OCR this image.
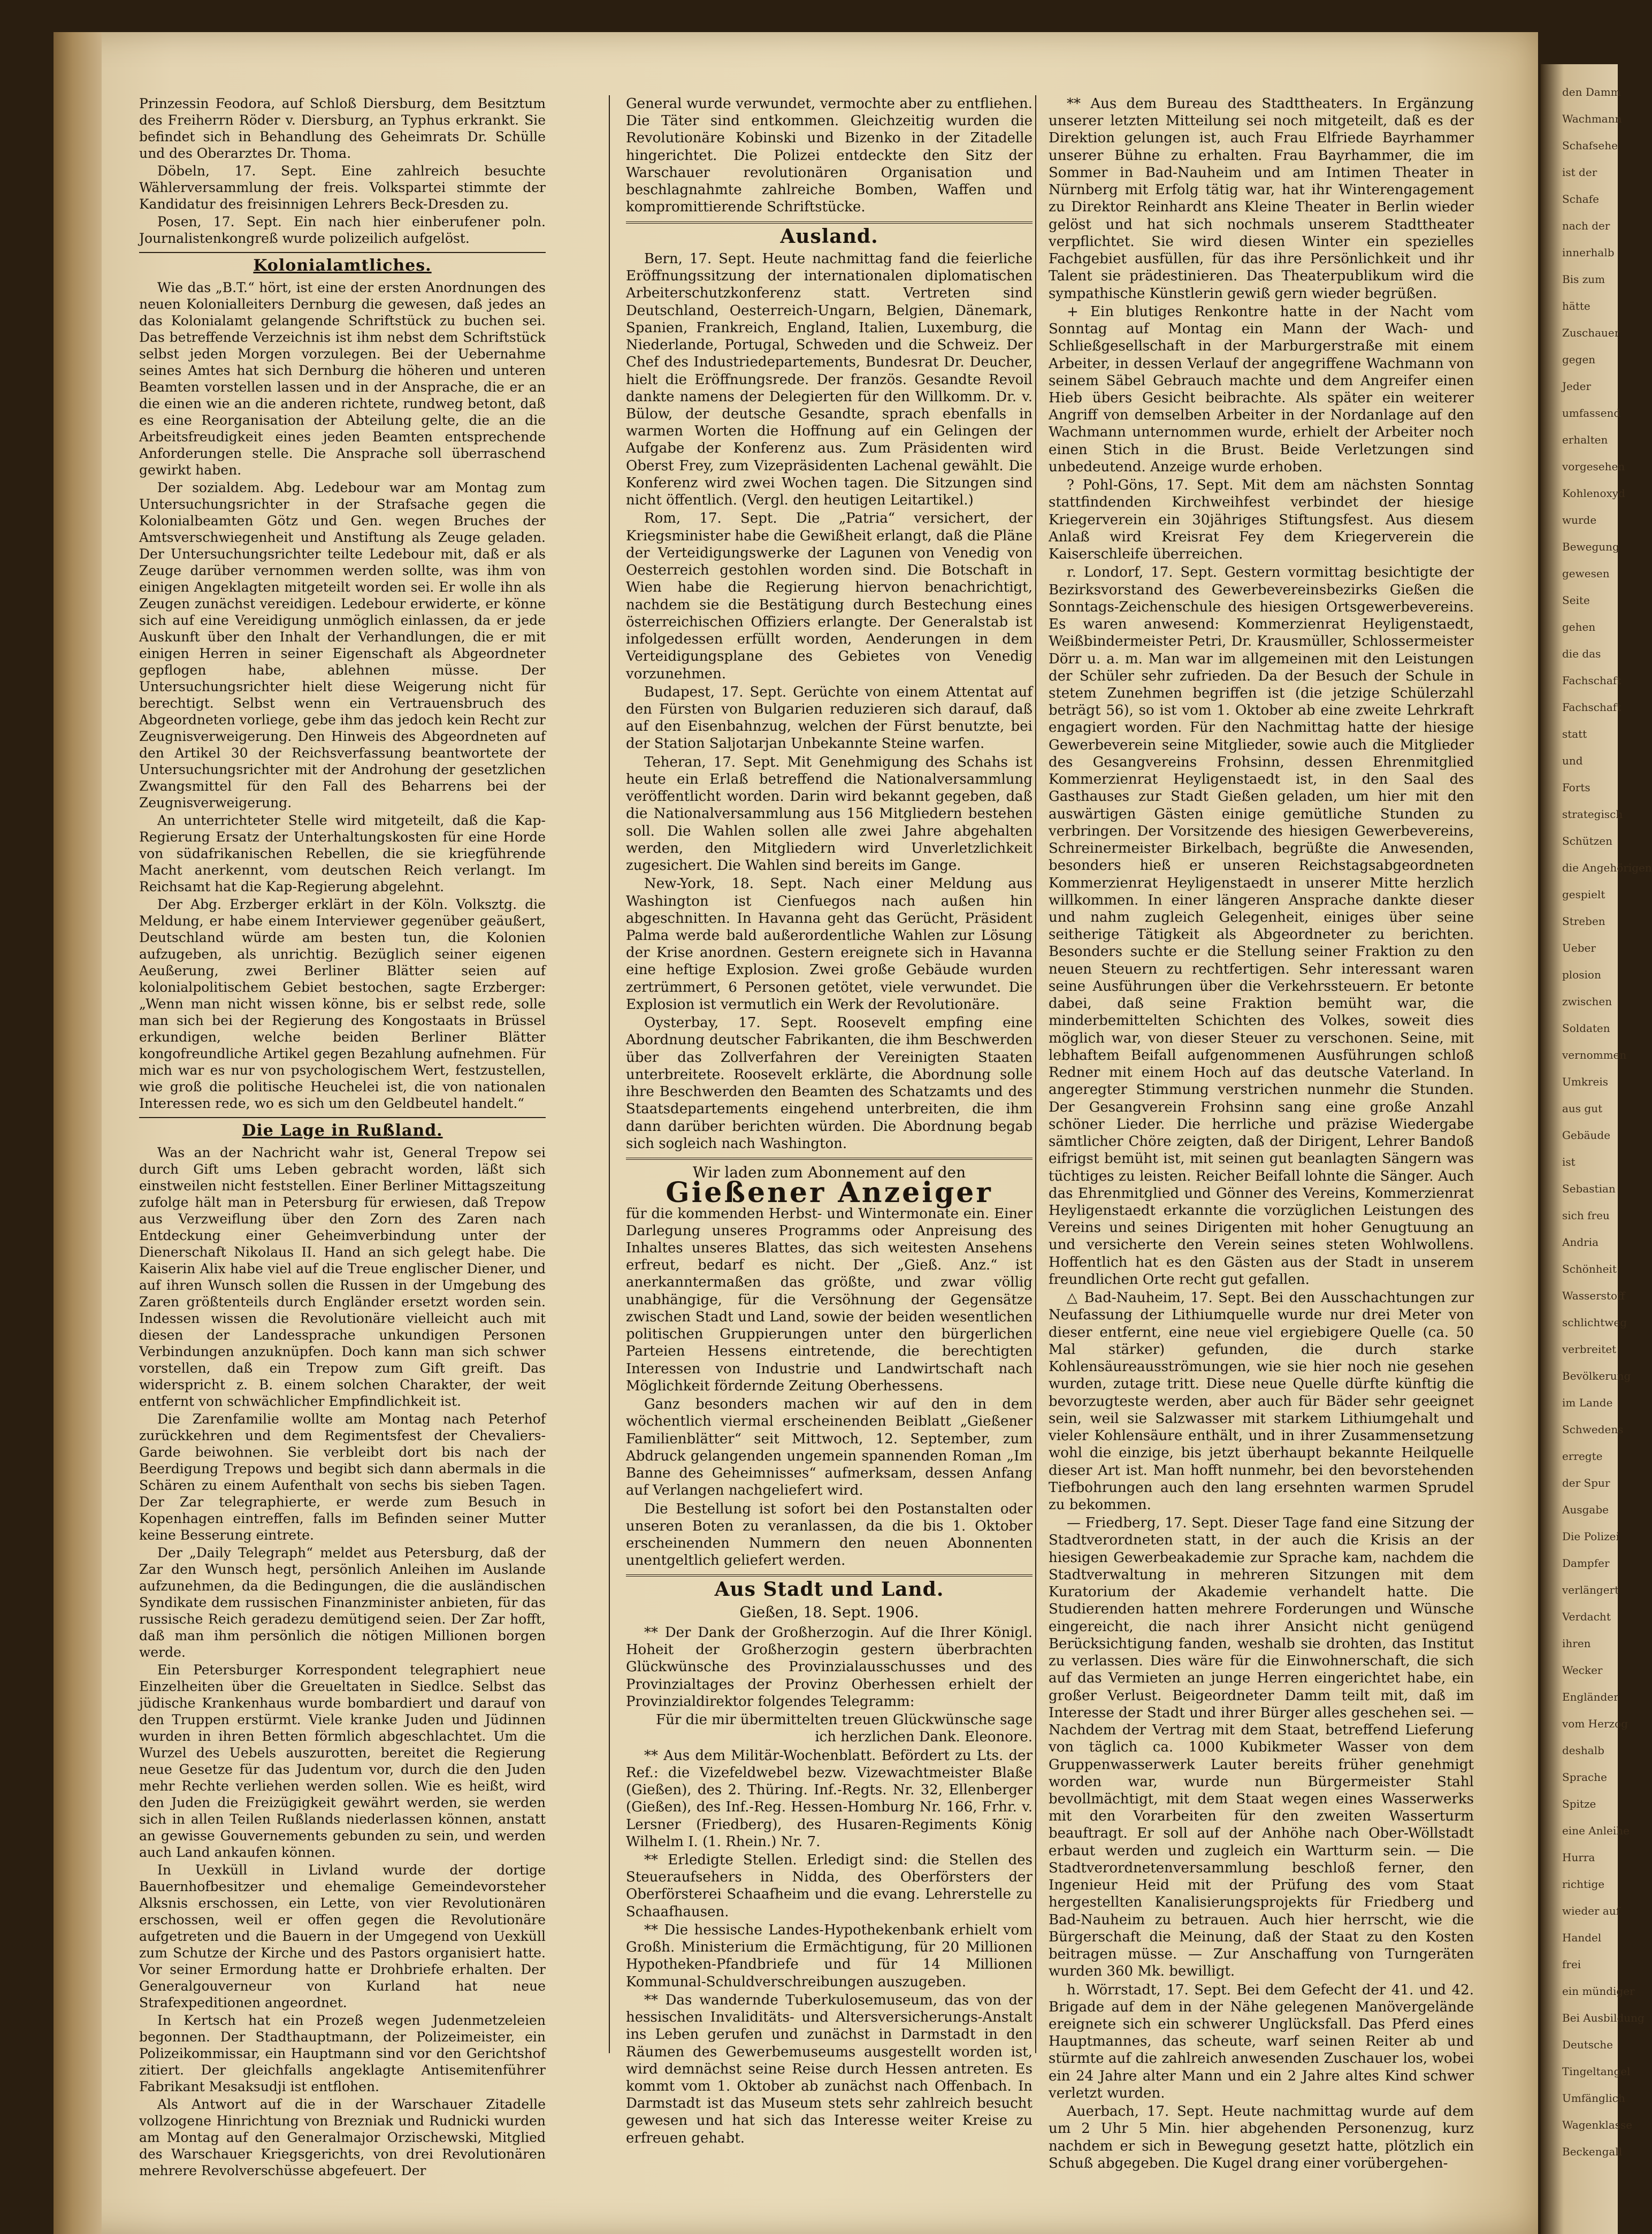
den Damm
Wachmann
Schafsehe
ist der
Schafe
nach der
innerhalb
Bis zum
hätte
Zuschauer
gegen
Jeder
umfassend
erhalten
vorgesehen
Kohlenoxyd
wurde
Bewegung
gewesen
Seite
gehen
die das
Fachschaft
Fachschaft
statt
und
Forts
strategisch
Schützen
die Angehörigen
gespielt
Streben
Ueber
plosion
zwischen
Soldaten
vernommen
Umkreis
aus gut
Gebäude
ist
Sebastian
sich freu
Andria
Schönheit
Wasserstoff
schlichtweg
verbreitet
Bevölkerung
im Lande
Schwedens
erregte
der Spur
Ausgabe
Die Polizei
Dampfer
verlängert
Verdacht
ihren
Wecker
Engländer
vom Herzog
deshalb
Sprache
Spitze
eine Anleihe
Hurra
richtige
wieder auf
Handel
frei
ein mündiger
Bei Ausbildung
Deutsche
Tingeltangel
Umfänglich
Wagenklasse
Beckengall

Prinzessin Feodora, auf Schloß Diersburg, dem Besitztum des Freiherrn Röder v. Diersburg, an Typhus erkrankt. Sie befindet sich in Behandlung des Geheimrats Dr. Schülle und des Oberarztes Dr. Thoma.

Döbeln, 17. Sept. Eine zahlreich besuchte Wählerversammlung der freis. Volkspartei stimmte der Kandidatur des freisinnigen Lehrers Beck-Dresden zu.

Posen, 17. Sept. Ein nach hier einberufener poln. Journalistenkongreß wurde polizeilich aufgelöst.

Kolonialamtliches.

Wie das „B.T.“ hört, ist eine der ersten Anordnungen des neuen Kolonialleiters Dernburg die gewesen, daß jedes an das Kolonialamt gelangende Schriftstück zu buchen sei. Das betreffende Verzeichnis ist ihm nebst dem Schriftstück selbst jeden Morgen vorzulegen. Bei der Uebernahme seines Amtes hat sich Dernburg die höheren und unteren Beamten vorstellen lassen und in der Ansprache, die er an die einen wie an die anderen richtete, rundweg betont, daß es eine Reorganisation der Abteilung gelte, die an die Arbeitsfreudigkeit eines jeden Beamten entsprechende Anforderungen stelle. Die Ansprache soll überraschend gewirkt haben.

Der sozialdem. Abg. Ledebour war am Montag zum Untersuchungsrichter in der Strafsache gegen die Kolonialbeamten Götz und Gen. wegen Bruches der Amtsverschwiegenheit und Anstiftung als Zeuge geladen. Der Untersuchungsrichter teilte Ledebour mit, daß er als Zeuge darüber vernommen werden sollte, was ihm von einigen Angeklagten mitgeteilt worden sei. Er wolle ihn als Zeugen zunächst vereidigen. Ledebour erwiderte, er könne sich auf eine Vereidigung unmöglich einlassen, da er jede Auskunft über den Inhalt der Verhandlungen, die er mit einigen Herren in seiner Eigenschaft als Abgeordneter gepflogen habe, ablehnen müsse. Der Untersuchungsrichter hielt diese Weigerung nicht für berechtigt. Selbst wenn ein Vertrauensbruch des Abgeordneten vorliege, gebe ihm das jedoch kein Recht zur Zeugnisverweigerung. Den Hinweis des Abgeordneten auf den Artikel 30 der Reichsverfassung beantwortete der Untersuchungsrichter mit der Androhung der gesetzlichen Zwangsmittel für den Fall des Beharrens bei der Zeugnisverweigerung.

An unterrichteter Stelle wird mitgeteilt, daß die Kap-Regierung Ersatz der Unterhaltungskosten für eine Horde von südafrikanischen Rebellen, die sie kriegführende Macht anerkennt, vom deutschen Reich verlangt. Im Reichsamt hat die Kap-Regierung abgelehnt.

Der Abg. Erzberger erklärt in der Köln. Volksztg. die Meldung, er habe einem Interviewer gegenüber geäußert, Deutschland würde am besten tun, die Kolonien aufzugeben, als unrichtig. Bezüglich seiner eigenen Aeußerung, zwei Berliner Blätter seien auf kolonialpolitischem Gebiet bestochen, sagte Erzberger: „Wenn man nicht wissen könne, bis er selbst rede, solle man sich bei der Regierung des Kongostaats in Brüssel erkundigen, welche beiden Berliner Blätter kongofreundliche Artikel gegen Bezahlung aufnehmen. Für mich war es nur von psychologischem Wert, festzustellen, wie groß die politische Heuchelei ist, die von nationalen Interessen rede, wo es sich um den Geldbeutel handelt.“

Die Lage in Rußland.

Was an der Nachricht wahr ist, General Trepow sei durch Gift ums Leben gebracht worden, läßt sich einstweilen nicht feststellen. Einer Berliner Mittagszeitung zufolge hält man in Petersburg für erwiesen, daß Trepow aus Verzweiflung über den Zorn des Zaren nach Entdeckung einer Geheimverbindung unter der Dienerschaft Nikolaus II. Hand an sich gelegt habe. Die Kaiserin Alix habe viel auf die Treue englischer Diener, und auf ihren Wunsch sollen die Russen in der Umgebung des Zaren größtenteils durch Engländer ersetzt worden sein. Indessen wissen die Revolutionäre vielleicht auch mit diesen der Landessprache unkundigen Personen Verbindungen anzuknüpfen. Doch kann man sich schwer vorstellen, daß ein Trepow zum Gift greift. Das widerspricht z. B. einem solchen Charakter, der weit entfernt von schwächlicher Empfindlichkeit ist.

Die Zarenfamilie wollte am Montag nach Peterhof zurückkehren und dem Regimentsfest der Chevaliers-Garde beiwohnen. Sie verbleibt dort bis nach der Beerdigung Trepows und begibt sich dann abermals in die Schären zu einem Aufenthalt von sechs bis sieben Tagen. Der Zar telegraphierte, er werde zum Besuch in Kopenhagen eintreffen, falls im Befinden seiner Mutter keine Besserung eintrete.

Der „Daily Telegraph“ meldet aus Petersburg, daß der Zar den Wunsch hegt, persönlich Anleihen im Auslande aufzunehmen, da die Bedingungen, die die ausländischen Syndikate dem russischen Finanzminister anbieten, für das russische Reich geradezu demütigend seien. Der Zar hofft, daß man ihm persönlich die nötigen Millionen borgen werde.

Ein Petersburger Korrespondent telegraphiert neue Einzelheiten über die Greueltaten in Siedlce. Selbst das jüdische Krankenhaus wurde bombardiert und darauf von den Truppen erstürmt. Viele kranke Juden und Jüdinnen wurden in ihren Betten förmlich abgeschlachtet. Um die Wurzel des Uebels auszurotten, bereitet die Regierung neue Gesetze für das Judentum vor, durch die den Juden mehr Rechte verliehen werden sollen. Wie es heißt, wird den Juden die Freizügigkeit gewährt werden, sie werden sich in allen Teilen Rußlands niederlassen können, anstatt an gewisse Gouvernements gebunden zu sein, und werden auch Land ankaufen können.

In Uexküll in Livland wurde der dortige Bauernhofbesitzer und ehemalige Gemeindevorsteher Alksnis erschossen, ein Lette, von vier Revolutionären erschossen, weil er offen gegen die Revolutionäre aufgetreten und die Bauern in der Umgegend von Uexküll zum Schutze der Kirche und des Pastors organisiert hatte. Vor seiner Ermordung hatte er Drohbriefe erhalten. Der Generalgouverneur von Kurland hat neue Strafexpeditionen angeordnet.

In Kertsch hat ein Prozeß wegen Judenmetzeleien begonnen. Der Stadthauptmann, der Polizeimeister, ein Polizeikommissar, ein Hauptmann sind vor den Gerichtshof zitiert. Der gleichfalls angeklagte Antisemitenführer Fabrikant Mesaksudji ist entflohen.

Als Antwort auf die in der Warschauer Zitadelle vollzogene Hinrichtung von Brezniak und Rudnicki wurden am Montag auf den Generalmajor Orzischewski, Mitglied des Warschauer Kriegsgerichts, von drei Revolutionären mehrere Revolverschüsse abgefeuert. Der

General wurde verwundet, vermochte aber zu entfliehen. Die Täter sind entkommen. Gleichzeitig wurden die Revolutionäre Kobinski und Bizenko in der Zitadelle hingerichtet. Die Polizei entdeckte den Sitz der Warschauer revolutionären Organisation und beschlagnahmte zahlreiche Bomben, Waffen und kompromittierende Schriftstücke.

Ausland.

Bern, 17. Sept. Heute nachmittag fand die feierliche Eröffnungssitzung der internationalen diplomatischen Arbeiterschutzkonferenz statt. Vertreten sind Deutschland, Oesterreich-Ungarn, Belgien, Dänemark, Spanien, Frankreich, England, Italien, Luxemburg, die Niederlande, Portugal, Schweden und die Schweiz. Der Chef des Industriedepartements, Bundesrat Dr. Deucher, hielt die Eröffnungsrede. Der französ. Gesandte Revoil dankte namens der Delegierten für den Willkomm. Dr. v. Bülow, der deutsche Gesandte, sprach ebenfalls in warmen Worten die Hoffnung auf ein Gelingen der Aufgabe der Konferenz aus. Zum Präsidenten wird Oberst Frey, zum Vizepräsidenten Lachenal gewählt. Die Konferenz wird zwei Wochen tagen. Die Sitzungen sind nicht öffentlich. (Vergl. den heutigen Leitartikel.)

Rom, 17. Sept. Die „Patria“ versichert, der Kriegsminister habe die Gewißheit erlangt, daß die Pläne der Verteidigungswerke der Lagunen von Venedig von Oesterreich gestohlen worden sind. Die Botschaft in Wien habe die Regierung hiervon benachrichtigt, nachdem sie die Bestätigung durch Bestechung eines österreichischen Offiziers erlangte. Der Generalstab ist infolgedessen erfüllt worden, Aenderungen in dem Verteidigungsplane des Gebietes von Venedig vorzunehmen.

Budapest, 17. Sept. Gerüchte von einem Attentat auf den Fürsten von Bulgarien reduzieren sich darauf, daß auf den Eisenbahnzug, welchen der Fürst benutzte, bei der Station Saljotarjan Unbekannte Steine warfen.

Teheran, 17. Sept. Mit Genehmigung des Schahs ist heute ein Erlaß betreffend die Nationalversammlung veröffentlicht worden. Darin wird bekannt gegeben, daß die Nationalversammlung aus 156 Mitgliedern bestehen soll. Die Wahlen sollen alle zwei Jahre abgehalten werden, den Mitgliedern wird Unverletzlichkeit zugesichert. Die Wahlen sind bereits im Gange.

New-York, 18. Sept. Nach einer Meldung aus Washington ist Cienfuegos nach außen hin abgeschnitten. In Havanna geht das Gerücht, Präsident Palma werde bald außerordentliche Wahlen zur Lösung der Krise anordnen. Gestern ereignete sich in Havanna eine heftige Explosion. Zwei große Gebäude wurden zertrümmert, 6 Personen getötet, viele verwundet. Die Explosion ist vermutlich ein Werk der Revolutionäre.

Oysterbay, 17. Sept. Roosevelt empfing eine Abordnung deutscher Fabrikanten, die ihm Beschwerden über das Zollverfahren der Vereinigten Staaten unterbreitete. Roosevelt erklärte, die Abordnung solle ihre Beschwerden den Beamten des Schatzamts und des Staatsdepartements eingehend unterbreiten, die ihm dann darüber berichten würden. Die Abordnung begab sich sogleich nach Washington.

Wir laden zum Abonnement auf den
Gießener Anzeiger

für die kommenden Herbst- und Wintermonate ein. Einer Darlegung unseres Programms oder Anpreisung des Inhaltes unseres Blattes, das sich weitesten Ansehens erfreut, bedarf es nicht. Der „Gieß. Anz.“ ist anerkanntermaßen das größte, und zwar völlig unabhängige, für die Versöhnung der Gegensätze zwischen Stadt und Land, sowie der beiden wesentlichen politischen Gruppierungen unter den bürgerlichen Parteien Hessens eintretende, die berechtigten Interessen von Industrie und Landwirtschaft nach Möglichkeit fördernde Zeitung Oberhessens.

Ganz besonders machen wir auf den in dem wöchentlich viermal erscheinenden Beiblatt „Gießener Familienblätter“ seit Mittwoch, 12. September, zum Abdruck gelangenden ungemein spannenden Roman „Im Banne des Geheimnisses“ aufmerksam, dessen Anfang auf Verlangen nachgeliefert wird.

Die Bestellung ist sofort bei den Postanstalten oder unseren Boten zu veranlassen, da die bis 1. Oktober erscheinenden Nummern den neuen Abonnenten unentgeltlich geliefert werden.

Aus Stadt und Land.
Gießen, 18. Sept. 1906.

** Der Dank der Großherzogin. Auf die Ihrer Königl. Hoheit der Großherzogin gestern überbrachten Glückwünsche des Provinzialausschusses und des Provinzialtages der Provinz Oberhessen erhielt der Provinzialdirektor folgendes Telegramm:

Für die mir übermittelten treuen Glückwünsche sage ich herzlichen Dank. Eleonore.

** Aus dem Militär-Wochenblatt. Befördert zu Lts. der Ref.: die Vizefeldwebel bezw. Vizewachtmeister Blaße (Gießen), des 2. Thüring. Inf.-Regts. Nr. 32, Ellenberger (Gießen), des Inf.-Reg. Hessen-Homburg Nr. 166, Frhr. v. Lersner (Friedberg), des Husaren-Regiments König Wilhelm I. (1. Rhein.) Nr. 7.

** Erledigte Stellen. Erledigt sind: die Stellen des Steueraufsehers in Nidda, des Oberförsters der Oberförsterei Schaafheim und die evang. Lehrerstelle zu Schaafhausen.

** Die hessische Landes-Hypothekenbank erhielt vom Großh. Ministerium die Ermächtigung, für 20 Millionen Hypotheken-Pfandbriefe und für 14 Millionen Kommunal-Schuldverschreibungen auszugeben.

** Das wandernde Tuberkulosemuseum, das von der hessischen Invaliditäts- und Altersversicherungs-Anstalt ins Leben gerufen und zunächst in Darmstadt in den Räumen des Gewerbemuseums ausgestellt worden ist, wird demnächst seine Reise durch Hessen antreten. Es kommt vom 1. Oktober ab zunächst nach Offenbach. In Darmstadt ist das Museum stets sehr zahlreich besucht gewesen und hat sich das Interesse weiter Kreise zu erfreuen gehabt.

** Aus dem Bureau des Stadttheaters. In Ergänzung unserer letzten Mitteilung sei noch mitgeteilt, daß es der Direktion gelungen ist, auch Frau Elfriede Bayrhammer unserer Bühne zu erhalten. Frau Bayrhammer, die im Sommer in Bad-Nauheim und am Intimen Theater in Nürnberg mit Erfolg tätig war, hat ihr Winterengagement zu Direktor Reinhardt ans Kleine Theater in Berlin wieder gelöst und hat sich nochmals unserem Stadttheater verpflichtet. Sie wird diesen Winter ein spezielles Fachgebiet ausfüllen, für das ihre Persönlichkeit und ihr Talent sie prädestinieren. Das Theaterpublikum wird die sympathische Künstlerin gewiß gern wieder begrüßen.

+ Ein blutiges Renkontre hatte in der Nacht vom Sonntag auf Montag ein Mann der Wach- und Schließgesellschaft in der Marburgerstraße mit einem Arbeiter, in dessen Verlauf der angegriffene Wachmann von seinem Säbel Gebrauch machte und dem Angreifer einen Hieb übers Gesicht beibrachte. Als später ein weiterer Angriff von demselben Arbeiter in der Nordanlage auf den Wachmann unternommen wurde, erhielt der Arbeiter noch einen Stich in die Brust. Beide Verletzungen sind unbedeutend. Anzeige wurde erhoben.

? Pohl-Göns, 17. Sept. Mit dem am nächsten Sonntag stattfindenden Kirchweihfest verbindet der hiesige Kriegerverein ein 30jähriges Stiftungsfest. Aus diesem Anlaß wird Kreisrat Fey dem Kriegerverein die Kaiserschleife überreichen.

r. Londorf, 17. Sept. Gestern vormittag besichtigte der Bezirksvorstand des Gewerbevereinsbezirks Gießen die Sonntags-Zeichenschule des hiesigen Ortsgewerbevereins. Es waren anwesend: Kommerzienrat Heyligenstaedt, Weißbindermeister Petri, Dr. Krausmüller, Schlossermeister Dörr u. a. m. Man war im allgemeinen mit den Leistungen der Schüler sehr zufrieden. Da der Besuch der Schule in stetem Zunehmen begriffen ist (die jetzige Schülerzahl beträgt 56), so ist vom 1. Oktober ab eine zweite Lehrkraft engagiert worden. Für den Nachmittag hatte der hiesige Gewerbeverein seine Mitglieder, sowie auch die Mitglieder des Gesangvereins Frohsinn, dessen Ehrenmitglied Kommerzienrat Heyligenstaedt ist, in den Saal des Gasthauses zur Stadt Gießen geladen, um hier mit den auswärtigen Gästen einige gemütliche Stunden zu verbringen. Der Vorsitzende des hiesigen Gewerbevereins, Schreinermeister Birkelbach, begrüßte die Anwesenden, besonders hieß er unseren Reichstagsabgeordneten Kommerzienrat Heyligenstaedt in unserer Mitte herzlich willkommen. In einer längeren Ansprache dankte dieser und nahm zugleich Gelegenheit, einiges über seine seitherige Tätigkeit als Abgeordneter zu berichten. Besonders suchte er die Stellung seiner Fraktion zu den neuen Steuern zu rechtfertigen. Sehr interessant waren seine Ausführungen über die Verkehrssteuern. Er betonte dabei, daß seine Fraktion bemüht war, die minderbemittelten Schichten des Volkes, soweit dies möglich war, von dieser Steuer zu verschonen. Seine, mit lebhaftem Beifall aufgenommenen Ausführungen schloß Redner mit einem Hoch auf das deutsche Vaterland. In angeregter Stimmung verstrichen nunmehr die Stunden. Der Gesangverein Frohsinn sang eine große Anzahl schöner Lieder. Die herrliche und präzise Wiedergabe sämtlicher Chöre zeigten, daß der Dirigent, Lehrer Bandoß eifrigst bemüht ist, mit seinen gut beanlagten Sängern was tüchtiges zu leisten. Reicher Beifall lohnte die Sänger. Auch das Ehrenmitglied und Gönner des Vereins, Kommerzienrat Heyligenstaedt erkannte die vorzüglichen Leistungen des Vereins und seines Dirigenten mit hoher Genugtuung an und versicherte den Verein seines steten Wohlwollens. Hoffentlich hat es den Gästen aus der Stadt in unserem freundlichen Orte recht gut gefallen.

△ Bad-Nauheim, 17. Sept. Bei den Ausschachtungen zur Neufassung der Lithiumquelle wurde nur drei Meter von dieser entfernt, eine neue viel ergiebigere Quelle (ca. 50 Mal stärker) gefunden, die durch starke Kohlensäureausströmungen, wie sie hier noch nie gesehen wurden, zutage tritt. Diese neue Quelle dürfte künftig die bevorzugteste werden, aber auch für Bäder sehr geeignet sein, weil sie Salzwasser mit starkem Lithiumgehalt und vieler Kohlensäure enthält, und in ihrer Zusammensetzung wohl die einzige, bis jetzt überhaupt bekannte Heilquelle dieser Art ist. Man hofft nunmehr, bei den bevorstehenden Tiefbohrungen auch den lang ersehnten warmen Sprudel zu bekommen.

— Friedberg, 17. Sept. Dieser Tage fand eine Sitzung der Stadtverordneten statt, in der auch die Krisis an der hiesigen Gewerbeakademie zur Sprache kam, nachdem die Stadtverwaltung in mehreren Sitzungen mit dem Kuratorium der Akademie verhandelt hatte. Die Studierenden hatten mehrere Forderungen und Wünsche eingereicht, die nach ihrer Ansicht nicht genügend Berücksichtigung fanden, weshalb sie drohten, das Institut zu verlassen. Dies wäre für die Einwohnerschaft, die sich auf das Vermieten an junge Herren eingerichtet habe, ein großer Verlust. Beigeordneter Damm teilt mit, daß im Interesse der Stadt und ihrer Bürger alles geschehen sei. — Nachdem der Vertrag mit dem Staat, betreffend Lieferung von täglich ca. 1000 Kubikmeter Wasser von dem Gruppenwasserwerk Lauter bereits früher genehmigt worden war, wurde nun Bürgermeister Stahl bevollmächtigt, mit dem Staat wegen eines Wasserwerks mit den Vorarbeiten für den zweiten Wasserturm beauftragt. Er soll auf der Anhöhe nach Ober-Wöllstadt erbaut werden und zugleich ein Wartturm sein. — Die Stadtverordnetenversammlung beschloß ferner, den Ingenieur Heid mit der Prüfung des vom Staat hergestellten Kanalisierungsprojekts für Friedberg und Bad-Nauheim zu betrauen. Auch hier herrscht, wie die Bürgerschaft die Meinung, daß der Staat zu den Kosten beitragen müsse. — Zur Anschaffung von Turngeräten wurden 360 Mk. bewilligt.

h. Wörrstadt, 17. Sept. Bei dem Gefecht der 41. und 42. Brigade auf dem in der Nähe gelegenen Manövergelände ereignete sich ein schwerer Unglücksfall. Das Pferd eines Hauptmannes, das scheute, warf seinen Reiter ab und stürmte auf die zahlreich anwesenden Zuschauer los, wobei ein 24 Jahre alter Mann und ein 2 Jahre altes Kind schwer verletzt wurden.

Auerbach, 17. Sept. Heute nachmittag wurde auf dem um 2 Uhr 5 Min. hier abgehenden Personenzug, kurz nachdem er sich in Bewegung gesetzt hatte, plötzlich ein Schuß abgegeben. Die Kugel drang einer vorübergehen-
